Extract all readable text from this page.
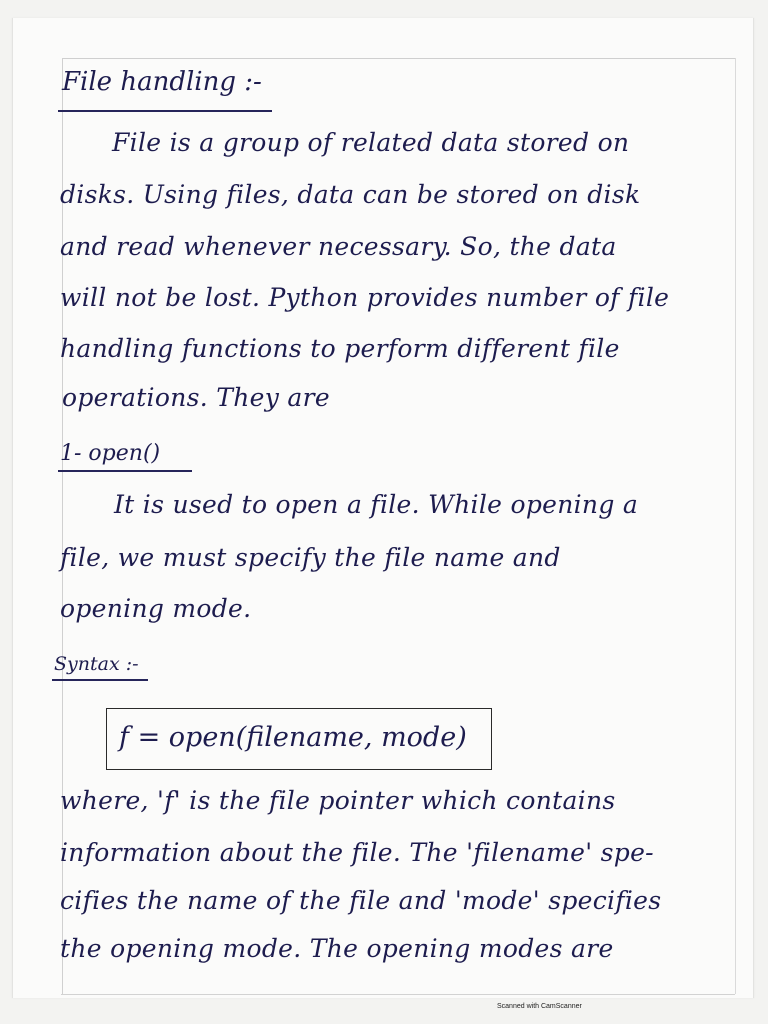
File handling :-
File is a group of related data stored on
disks. Using files, data can be stored on disk
and read whenever necessary. So, the data
will not be lost. Python provides number of file
handling functions to perform different file
operations. They are
1- open()
It is used to open a file. While opening a
file, we must specify the file name and
opening mode.
Syntax :-
f = open(filename, mode)
where, 'f' is the file pointer which contains
information about the file. The 'filename' spe-
cifies the name of the file and 'mode' specifies
the opening mode. The opening modes are
Scanned with CamScanner
